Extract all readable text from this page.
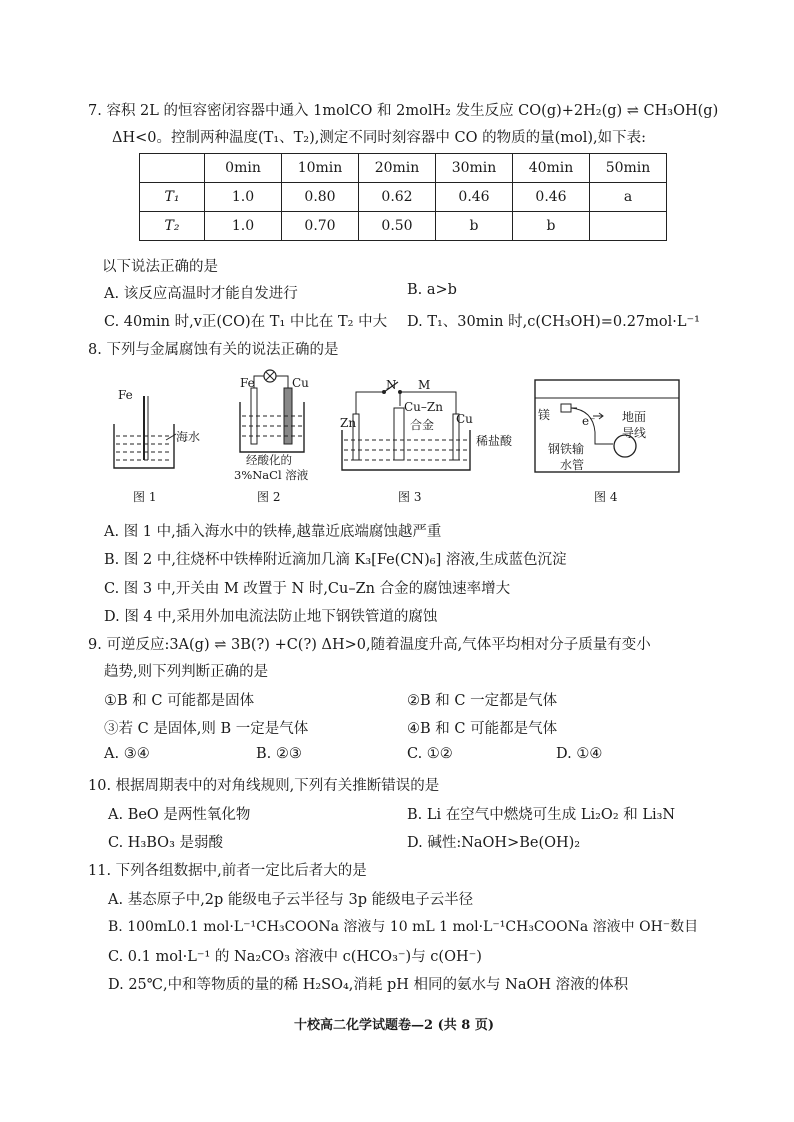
7. 容积 2L 的恒容密闭容器中通入 1molCO 和 2molH₂ 发生反应 CO(g)+2H₂(g) ⇌ CH₃OH(g)
ΔH<0。控制两种温度(T₁、T₂),测定不同时刻容器中 CO 的物质的量(mol),如下表:
	0min	10min	20min	30min	40min	50min
T₁	1.0	0.80	0.62	0.46	0.46	a
T₂	1.0	0.70	0.50	b	b	
以下说法正确的是
A. 该反应高温时才能自发进行	B. a>b
C. 40min 时,v正(CO)在 T₁ 中比在 T₂ 中大 D. T₁、30min 时,c(CH₃OH)=0.27mol·L⁻¹
8. 下列与金属腐蚀有关的说法正确的是
Fe
海水
图 1
Fe	Cu
经酸化的
3%NaCl 溶液
图 2
N M
Zn
Cu–Zn
合金 Cu
稀盐酸
图 3
镁	e⁻ 地面
导线
钢铁输
水管
图 4
A. 图 1 中,插入海水中的铁棒,越靠近底端腐蚀越严重
B. 图 2 中,往烧杯中铁棒附近滴加几滴 K₃[Fe(CN)₆] 溶液,生成蓝色沉淀
C. 图 3 中,开关由 M 改置于 N 时,Cu–Zn 合金的腐蚀速率增大
D. 图 4 中,采用外加电流法防止地下钢铁管道的腐蚀
9. 可逆反应:3A(g) ⇌ 3B(?) +C(?) ΔH>0,随着温度升高,气体平均相对分子质量有变小
趋势,则下列判断正确的是
①B 和 C 可能都是固体	②B 和 C 一定都是气体
③若 C 是固体,则 B 一定是气体	④B 和 C 可能都是气体
A. ③④	B. ②③	C. ①②	D. ①④
10. 根据周期表中的对角线规则,下列有关推断错误的是
A. BeO 是两性氧化物	B. Li 在空气中燃烧可生成 Li₂O₂ 和 Li₃N
C. H₃BO₃ 是弱酸	D. 碱性:NaOH>Be(OH)₂
11. 下列各组数据中,前者一定比后者大的是
A. 基态原子中,2p 能级电子云半径与 3p 能级电子云半径
B. 100mL0.1 mol·L⁻¹CH₃COONa 溶液与 10 mL 1 mol·L⁻¹CH₃COONa 溶液中 OH⁻数目
C. 0.1 mol·L⁻¹ 的 Na₂CO₃ 溶液中 c(HCO₃⁻)与 c(OH⁻)
D. 25℃,中和等物质的量的稀 H₂SO₄,消耗 pH 相同的氨水与 NaOH 溶液的体积
十校高二化学试题卷—2 (共 8 页)
